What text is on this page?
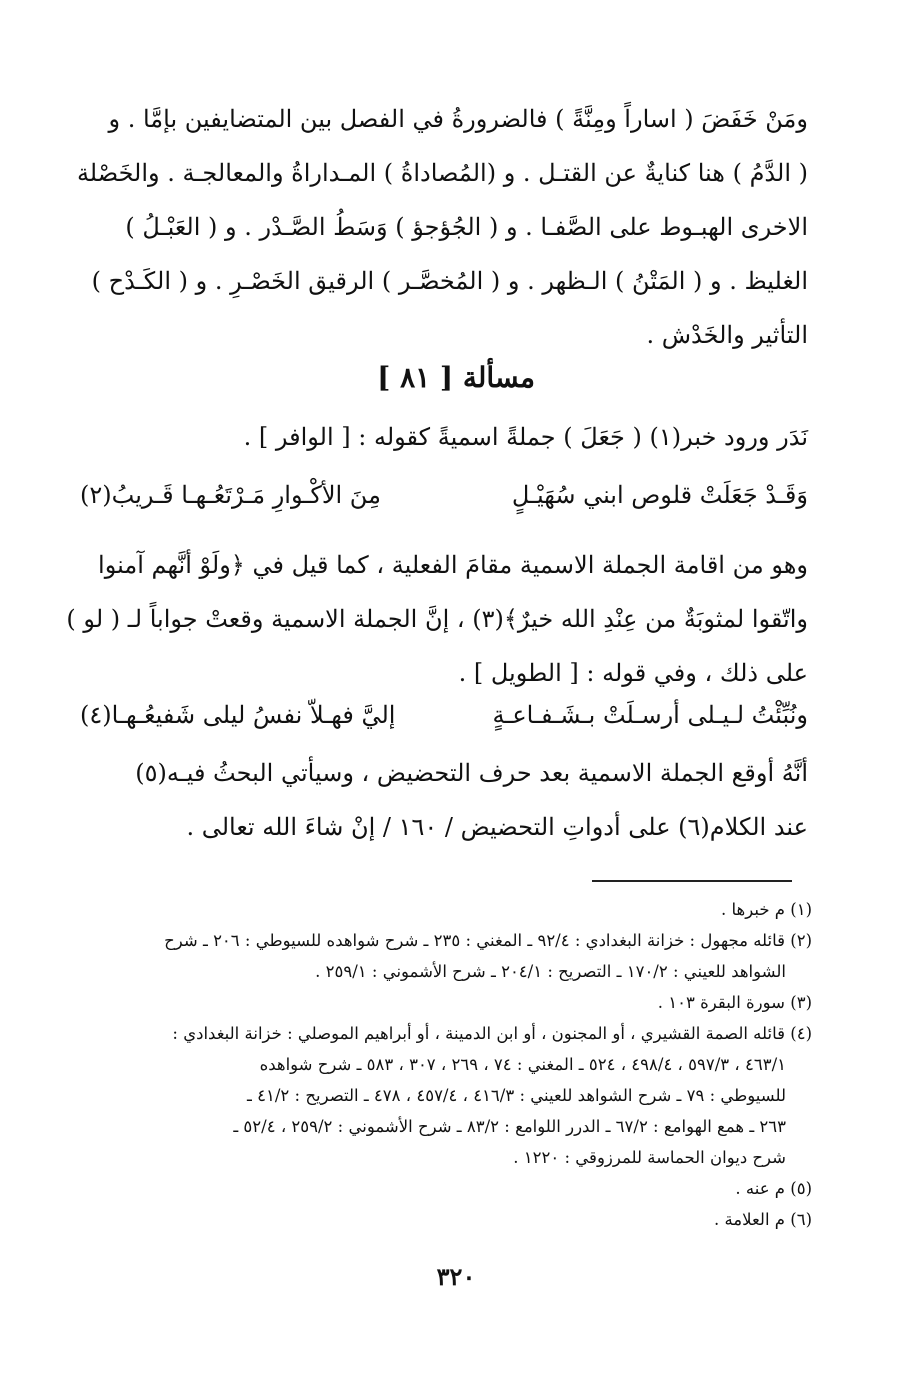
ومَنْ خَفَضَ ( اساراً ومِنَّةً ) فالضرورةُ في الفصل بين المتضايفين بإمَّا . و
( الدَّمُ ) هنا كنايةٌ عن القتـل . و (المُصاداةُ ) المـداراةُ والمعالجـة . والخَصْلة
الاخرى الهبـوط على الصَّفـا . و ( الجُؤجؤ ) وَسَطُ الصَّـدْر . و ( العَبْـلُ )
الغليظ . و ( المَتْنُ ) الـظهر . و ( المُخصَّـر ) الرقيق الخَصْـرِ . و ( الكَـدْح )
التأثير والخَدْش .
مسألة [ ٨١ ]
نَدَر ورود خبر(١) ( جَعَلَ ) جملةً اسميةً كقوله : [ الوافر ] .
وَقَـدْ جَعَلَتْ قلوص ابني سُهَيْـلٍ
مِنَ الأكْـوارِ مَـرْتَعُـهـا قَـريبُ(٢)
وهو من اقامة الجملة الاسمية مقامَ الفعلية ، كما قيل في ﴿ولَوْ أنَّهم آمنوا
واتّقوا لمثوبَةٌ من عِنْدِ الله خيرٌ﴾(٣) ، إنَّ الجملة الاسمية وقعتْ جواباً لـ ( لو )
على ذلك ، وفي قوله : [ الطويل ] .
ونُبِّئْتُ لـيـلى أرسـلَتْ بـشَـفـاعـةٍ
إليَّ فهـلاّ نفسُ ليلى شَفيعُـهـا(٤)
أنَّهُ أوقع الجملة الاسمية بعد حرف التحضيض ، وسيأتي البحثُ فيـه(٥)
عند الكلام(٦) على أدواتِ التحضيض / ١٦٠ / إنْ شاءَ الله تعالى .
(١) م خبرها .
(٢) قائله مجهول : خزانة البغدادي : ٩٢/٤ ـ المغني : ٢٣٥ ـ شرح شواهده للسيوطي : ٢٠٦ ـ شرح
الشواهد للعيني : ١٧٠/٢ ـ التصريح : ٢٠٤/١ ـ شرح الأشموني : ٢٥٩/١ .
(٣) سورة البقرة ١٠٣ .
(٤) قائله الصمة القشيري ، أو المجنون ، أو ابن الدمينة ، أو أبراهيم الموصلي : خزانة البغدادي :
٤٦٣/١ ، ٥٩٧/٣ ، ٤٩٨/٤ ، ٥٢٤ ـ المغني : ٧٤ ، ٢٦٩ ، ٣٠٧ ، ٥٨٣ ـ شرح شواهده
للسيوطي : ٧٩ ـ شرح الشواهد للعيني : ٤١٦/٣ ، ٤٥٧/٤ ، ٤٧٨ ـ التصريح : ٤١/٢ ـ
٢٦٣ ـ همع الهوامع : ٦٧/٢ ـ الدرر اللوامع : ٨٣/٢ ـ شرح الأشموني : ٢٥٩/٢ ، ٥٢/٤ ـ
شرح ديوان الحماسة للمرزوقي : ١٢٢٠ .
(٥) م عنه .
(٦) م العلامة .
٣٢٠
